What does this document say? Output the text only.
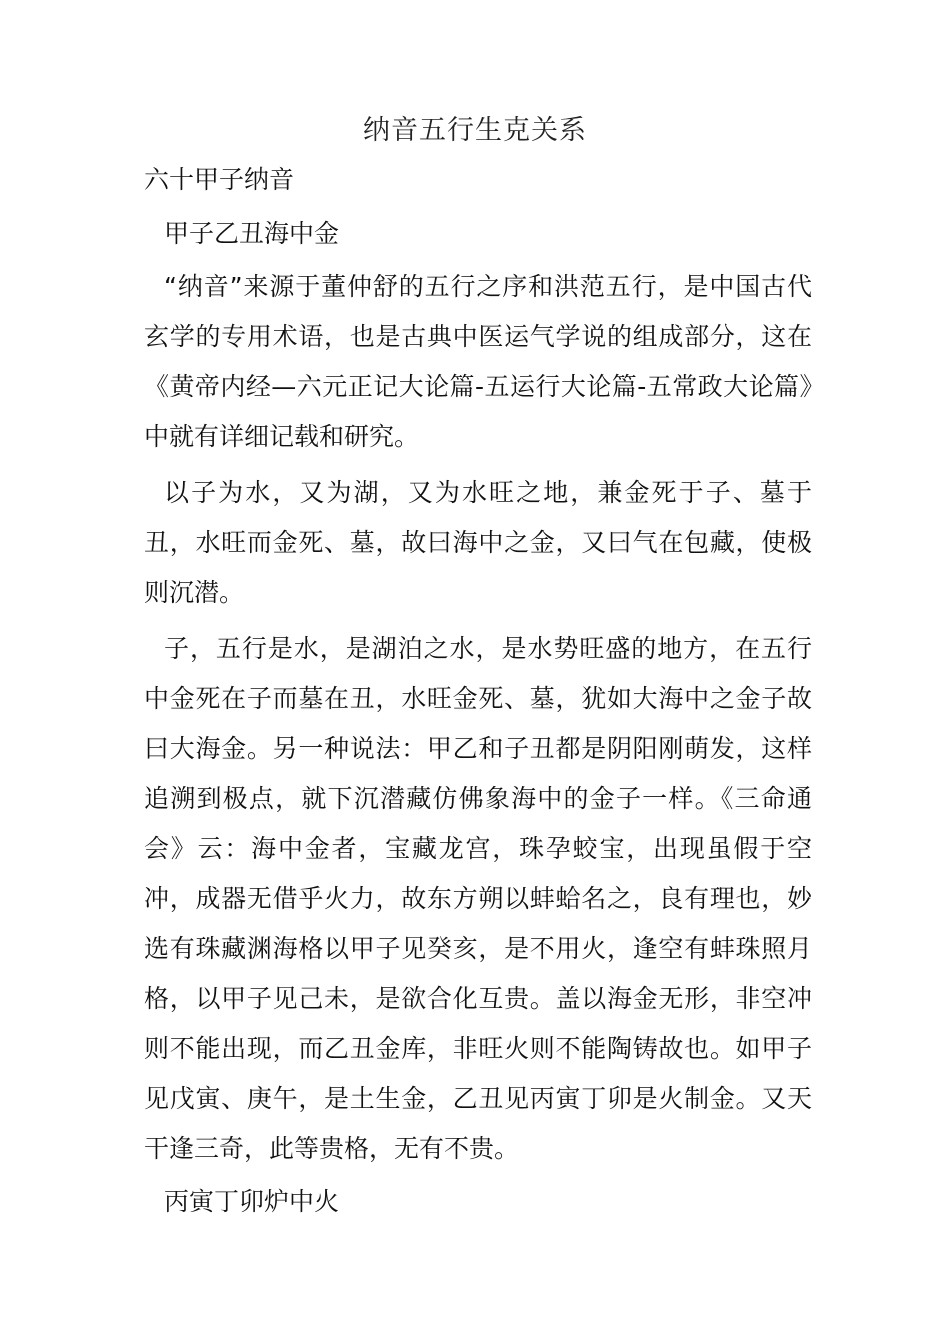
纳音五行生克关系
六十甲子纳音
甲子乙丑海中金
“纳音”来源于董仲舒的五行之序和洪范五行，是中国古代玄学的专用术语，也是古典中医运气学说的组成部分，这在《黄帝内经—六元正记大论篇-五运行大论篇-五常政大论篇》中就有详细记载和研究。
以子为水，又为湖，又为水旺之地，兼金死于子、墓于丑，水旺而金死、墓，故曰海中之金，又曰气在包藏，使极则沉潜。
子，五行是水，是湖泊之水，是水势旺盛的地方，在五行中金死在子而墓在丑，水旺金死、墓，犹如大海中之金子故曰大海金。另一种说法：甲乙和子丑都是阴阳刚萌发，这样追溯到极点，就下沉潜藏仿佛象海中的金子一样。《三命通会》云：海中金者，宝藏龙宫，珠孕蛟宝，出现虽假于空冲，成器无借乎火力，故东方朔以蚌蛤名之，良有理也，妙选有珠藏渊海格以甲子见癸亥，是不用火，逢空有蚌珠照月格，以甲子见己未，是欲合化互贵。盖以海金无形，非空冲则不能出现，而乙丑金库，非旺火则不能陶铸故也。如甲子见戊寅、庚午，是土生金，乙丑见丙寅丁卯是火制金。又天干逢三奇，此等贵格，无有不贵。
丙寅丁卯炉中火
